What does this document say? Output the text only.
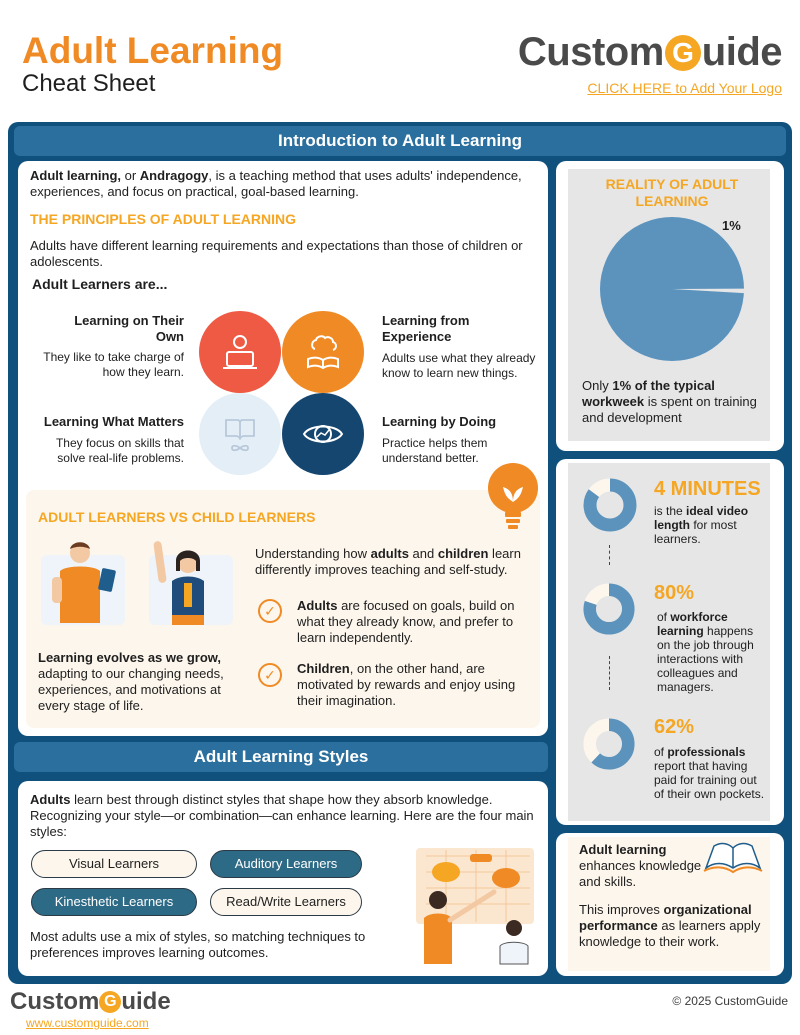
Adult Learning
Cheat Sheet
Custom G uide
CLICK HERE to Add Your Logo
Introduction to Adult Learning
Adult learning, or Andragogy, is a teaching method that uses adults' independence, experiences, and focus on practical, goal-based learning.
THE PRINCIPLES OF ADULT LEARNING
Adults have different learning requirements and expectations than those of children or adolescents.
Adult Learners are...
Learning on Their Own
They like to take charge of how they learn.
Learning from Experience
Adults use what they already know to learn new things.
Learning What Matters
They focus on skills that solve real-life problems.
Learning by Doing
Practice helps them understand better.
ADULT LEARNERS VS CHILD LEARNERS
Understanding how adults and children learn differently improves teaching and self-study.
✓	Adults are focused on goals, build on what they already know, and prefer to learn independently.
✓	Children, on the other hand, are motivated by rewards and enjoy using their imagination.
Learning evolves as we grow, adapting to our changing needs, experiences, and motivations at every stage of life.
Adult Learning Styles
Adults learn best through distinct styles that shape how they absorb knowledge. Recognizing your style—or combination—can enhance learning. Here are the four main styles:
Visual Learners	Auditory Learners
Kinesthetic Learners	Read/Write Learners
Most adults use a mix of styles, so matching techniques to preferences improves learning outcomes.
REALITY OF ADULT LEARNING
1%
Only 1% of the typical workweek is spent on training and development
4 MINUTES
is the ideal video length for most learners.
80%
of workforce learning happens on the job through interactions with colleagues and managers.
62%
of professionals report that having paid for training out of their own pockets.
Adult learning enhances knowledge and skills.
This improves organizational performance as learners apply knowledge to their work.
Custom G uide
www.customguide.com
© 2025 CustomGuide
